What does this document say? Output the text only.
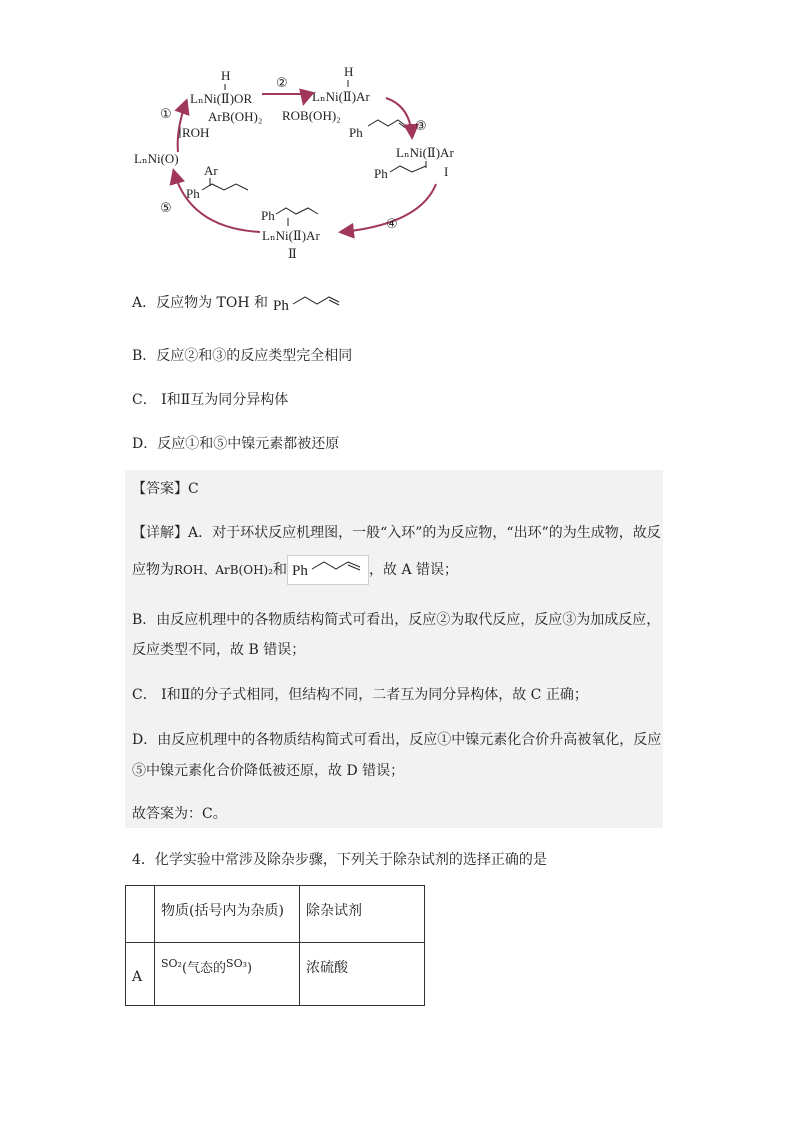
H
LₙNi(Ⅱ)OR
ArB(OH)₂
ROH
H
LₙNi(Ⅱ)Ar
ROB(OH)₂
Ph
LₙNi(Ⅱ)Ar
Ph	I
Ph
LₙNi(Ⅱ)Ar
Ⅱ
LₙNi(O)
Ar
Ph
①
②
③
④
⑤
A．反应物为 TOH 和 Ph
B．反应②和③的反应类型完全相同
C． Ⅰ和Ⅱ互为同分异构体
D．反应①和⑤中镍元素都被还原
【答案】C
【详解】A．对于环状反应机理图，一般“入环”的为反应物，“出环”的为生成物，故反
应物为ROH、ArB(OH)₂和 Ph	，故 A 错误；
B．由反应机理中的各物质结构简式可看出，反应②为取代反应，反应③为加成反应，
反应类型不同，故 B 错误；
C． Ⅰ和Ⅱ的分子式相同，但结构不同，二者互为同分异构体，故 C 正确；
D．由反应机理中的各物质结构简式可看出，反应①中镍元素化合价升高被氧化，反应
⑤中镍元素化合价降低被还原，故 D 错误；
故答案为：C。
4．化学实验中常涉及除杂步骤，下列关于除杂试剂的选择正确的是
	物质(括号内为杂质)	除杂试剂
A	$^{SO_2}$(气态的$^{SO_3}$)	浓硫酸
